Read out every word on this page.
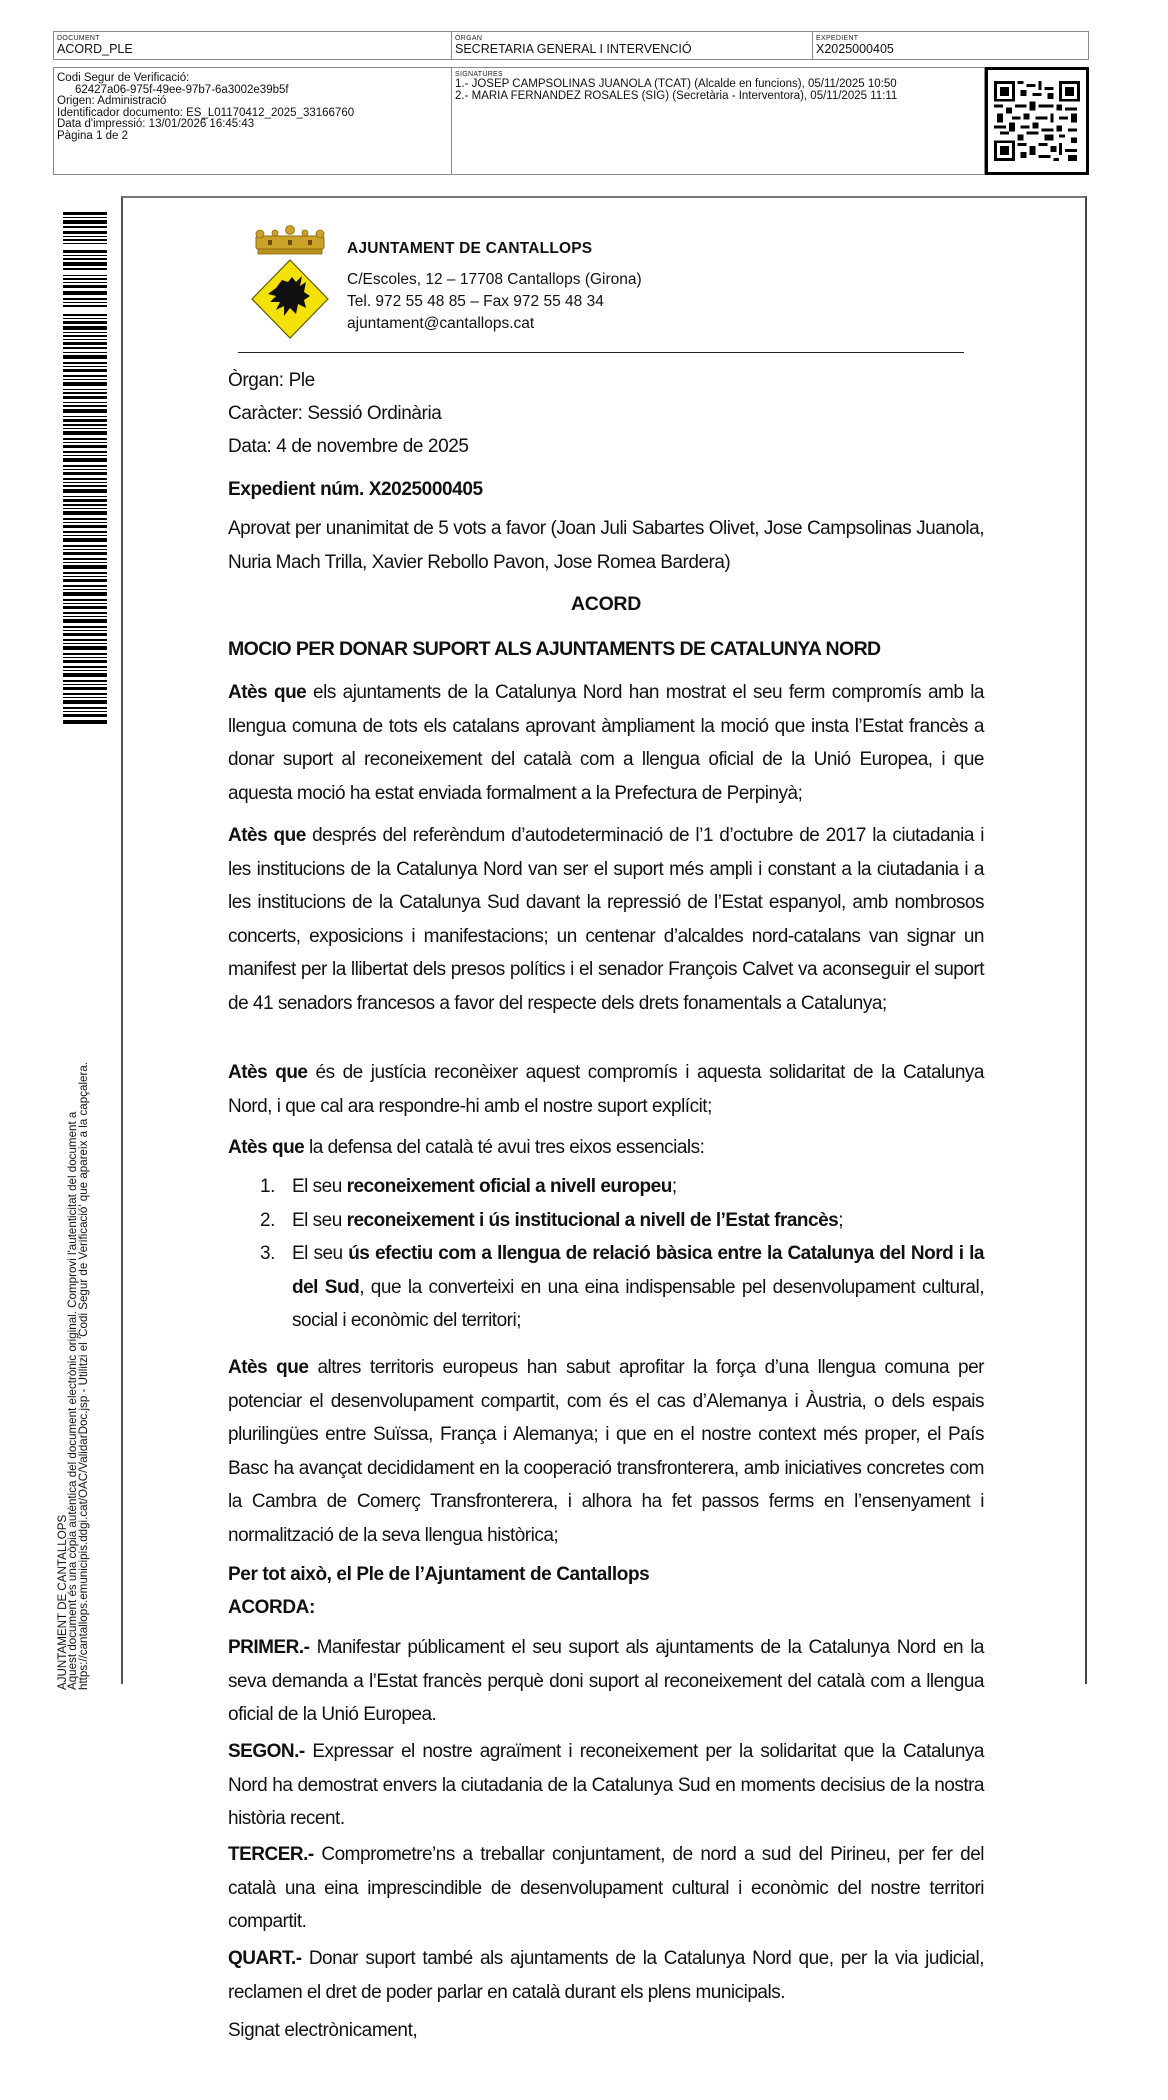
DOCUMENT
ACORD_PLE
ÒRGAN
SECRETARIA GENERAL I INTERVENCIÓ
EXPEDIENT
X2025000405
Codi Segur de Verificació:
62427a06-975f-49ee-97b7-6a3002e39b5f
Origen: Administració
Identificador documento: ES_L01170412_2025_33166760
Data d'impressió: 13/01/2026 16:45:43
Pàgina 1 de 2
SIGNATURES
1.- JOSEP CAMPSOLINAS JUANOLA (TCAT) (Alcalde en funcions), 05/11/2025 10:50
2.- MARIA FERNANDEZ ROSALES (SIG) (Secretària - Interventora), 05/11/2025 11:11
AJUNTAMENT DE CANTALLOPS
Aquest document és una còpia autèntica del document electrònic original. Comprovi l'autenticitat del document a
https://cantallops.emunicipis.ddgi.cat/OAC/ValidarDoc.jsp - Utilitzi el 'Codi Segur de Verificació' que apareix a la capçalera.
AJUNTAMENT DE CANTALLOPS
C/Escoles, 12 – 17708 Cantallops (Girona)
Tel. 972 55 48 85 – Fax 972 55 48 34
ajuntament@cantallops.cat
Òrgan: Ple
Caràcter: Sessió Ordinària
Data: 4 de novembre de 2025
Expedient núm. X2025000405
Aprovat per unanimitat de 5 vots a favor (Joan Juli Sabartes Olivet, Jose Campsolinas Juanola, Nuria Mach Trilla, Xavier Rebollo Pavon, Jose Romea Bardera)
ACORD
MOCIO PER DONAR SUPORT ALS AJUNTAMENTS DE CATALUNYA NORD
Atès que els ajuntaments de la Catalunya Nord han mostrat el seu ferm compromís amb la llengua comuna de tots els catalans aprovant àmpliament la moció que insta l’Estat francès a donar suport al reconeixement del català com a llengua oficial de la Unió Europea, i que aquesta moció ha estat enviada formalment a la Prefectura de Perpinyà;
Atès que després del referèndum d’autodeterminació de l’1 d’octubre de 2017 la ciutadania i les institucions de la Catalunya Nord van ser el suport més ampli i constant a la ciutadania i a les institucions de la Catalunya Sud davant la repressió de l’Estat espanyol, amb nombrosos concerts, exposicions i manifestacions; un centenar d’alcaldes nord-catalans van signar un manifest per la llibertat dels presos polítics i el senador François Calvet va aconseguir el suport de 41 senadors francesos a favor del respecte dels drets fonamentals a Catalunya;
Atès que és de justícia reconèixer aquest compromís i aquesta solidaritat de la Catalunya Nord, i que cal ara respondre-hi amb el nostre suport explícit;
Atès que la defensa del català té avui tres eixos essencials:
1. El seu reconeixement oficial a nivell europeu;
2. El seu reconeixement i ús institucional a nivell de l’Estat francès;
3. El seu ús efectiu com a llengua de relació bàsica entre la Catalunya del Nord i la del Sud, que la converteixi en una eina indispensable pel desenvolupament cultural, social i econòmic del territori;
Atès que altres territoris europeus han sabut aprofitar la força d’una llengua comuna per potenciar el desenvolupament compartit, com és el cas d’Alemanya i Àustria, o dels espais plurilingües entre Suïssa, França i Alemanya; i que en el nostre context més proper, el País Basc ha avançat decididament en la cooperació transfronterera, amb iniciatives concretes com la Cambra de Comerç Transfronterera, i alhora ha fet passos ferms en l’ensenyament i normalització de la seva llengua històrica;
Per tot això, el Ple de l’Ajuntament de Cantallops
ACORDA:
PRIMER.- Manifestar públicament el seu suport als ajuntaments de la Catalunya Nord en la seva demanda a l’Estat francès perquè doni suport al reconeixement del català com a llengua oficial de la Unió Europea.
SEGON.- Expressar el nostre agraïment i reconeixement per la solidaritat que la Catalunya Nord ha demostrat envers la ciutadania de la Catalunya Sud en moments decisius de la nostra història recent.
TERCER.- Comprometre’ns a treballar conjuntament, de nord a sud del Pirineu, per fer del català una eina imprescindible de desenvolupament cultural i econòmic del nostre territori compartit.
QUART.- Donar suport també als ajuntaments de la Catalunya Nord que, per la via judicial, reclamen el dret de poder parlar en català durant els plens municipals.
Signat electrònicament,
